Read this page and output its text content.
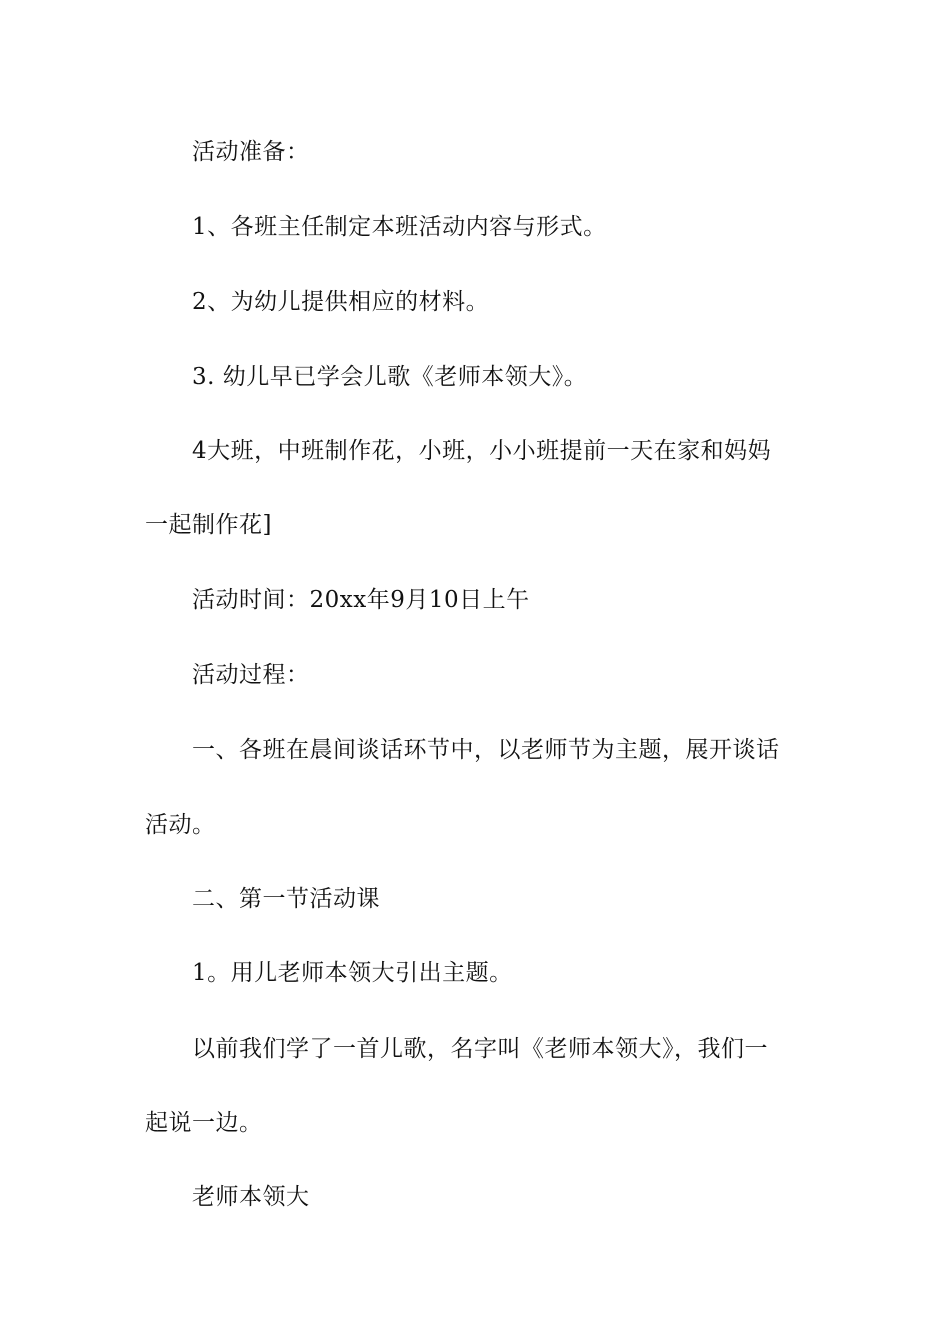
活动准备：
1、各班主任制定本班活动内容与形式。
2、为幼儿提供相应的材料。
3. 幼儿早已学会儿歌《老师本领大》。
4大班，中班制作花，小班，小小班提前一天在家和妈妈
一起制作花]
活动时间：20xx年9月10日上午
活动过程：
一、各班在晨间谈话环节中，以老师节为主题，展开谈话
活动。
二、第一节活动课
1。用儿老师本领大引出主题。
以前我们学了一首儿歌，名字叫《老师本领大》，我们一
起说一边。
老师本领大
